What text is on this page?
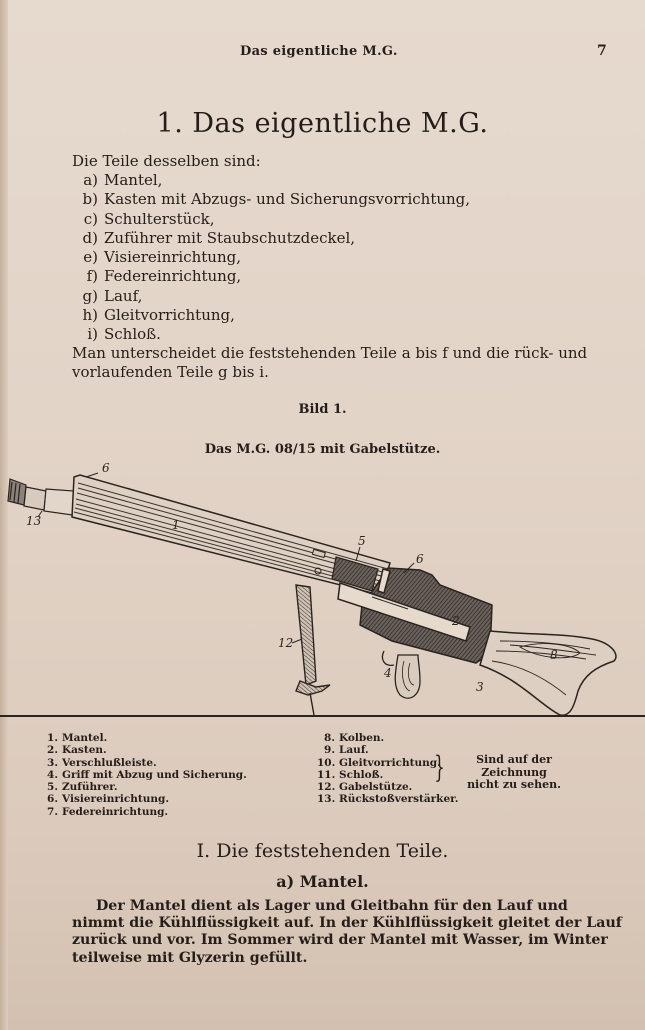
Das eigentliche M.G.	7
1. Das eigentliche M.G.
Die Teile desselben sind:
a) Mantel,
b) Kasten mit Abzugs- und Sicherungsvorrichtung,
c) Schulterstück,
d) Zuführer mit Staubschutzdeckel,
e) Visiereinrichtung,
f) Federeinrichtung,
g) Lauf,
h) Gleitvorrichtung,
i) Schloß.
Man unterscheidet die feststehenden Teile a bis f und die rück- und
vorlaufenden Teile g bis i.
Bild 1.
Das M.G. 08/15 mit Gabelstütze.
6
13	1
5
6
2
12
4
3
8
1. Mantel.
2. Kasten.
3. Verschlußleiste.
4. Griff mit Abzug und Sicherung.
5. Zuführer.
6. Visiereinrichtung.
7. Federeinrichtung.
8. Kolben.
9. Lauf.
10. Gleitvorrichtung.
11. Schloß.
12. Gabelstütze.
13. Rückstoßverstärker.
}	Sind auf der Zeichnung
nicht zu sehen.
I. Die feststehenden Teile.
a) Mantel.
Der Mantel dient als Lager und Gleitbahn für den Lauf und
nimmt die Kühlflüssigkeit auf. In der Kühlflüssigkeit gleitet der Lauf
zurück und vor. Im Sommer wird der Mantel mit Wasser, im Winter
teilweise mit Glyzerin gefüllt.
